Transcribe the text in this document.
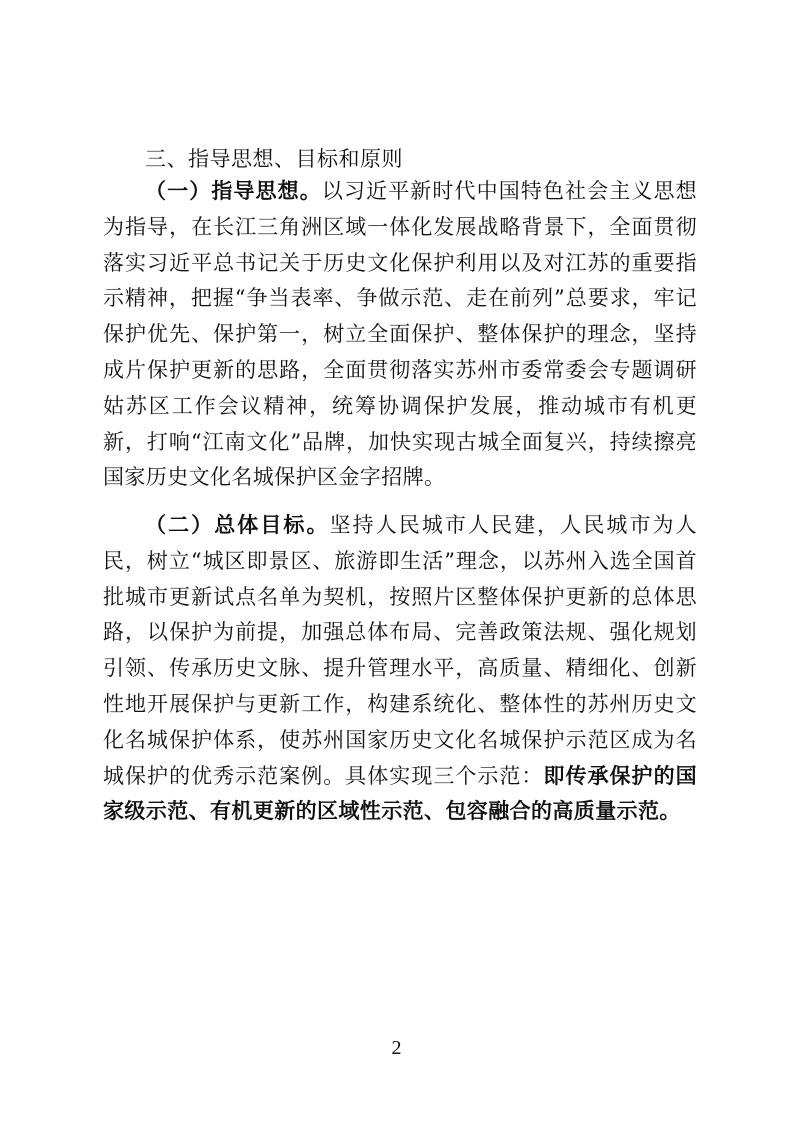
三、指导思想、目标和原则

（一）指导思想。以习近平新时代中国特色社会主义思想为指导，在长江三角洲区域一体化发展战略背景下，全面贯彻落实习近平总书记关于历史文化保护利用以及对江苏的重要指示精神，把握“争当表率、争做示范、走在前列”总要求，牢记保护优先、保护第一，树立全面保护、整体保护的理念，坚持成片保护更新的思路，全面贯彻落实苏州市委常委会专题调研姑苏区工作会议精神，统筹协调保护发展，推动城市有机更新，打响“江南文化”品牌，加快实现古城全面复兴，持续擦亮国家历史文化名城保护区金字招牌。

（二）总体目标。坚持人民城市人民建，人民城市为人民，树立“城区即景区、旅游即生活”理念，以苏州入选全国首批城市更新试点名单为契机，按照片区整体保护更新的总体思路，以保护为前提，加强总体布局、完善政策法规、强化规划引领、传承历史文脉、提升管理水平，高质量、精细化、创新性地开展保护与更新工作，构建系统化、整体性的苏州历史文化名城保护体系，使苏州国家历史文化名城保护示范区成为名城保护的优秀示范案例。具体实现三个示范：即传承保护的国家级示范、有机更新的区域性示范、包容融合的高质量示范。

2
